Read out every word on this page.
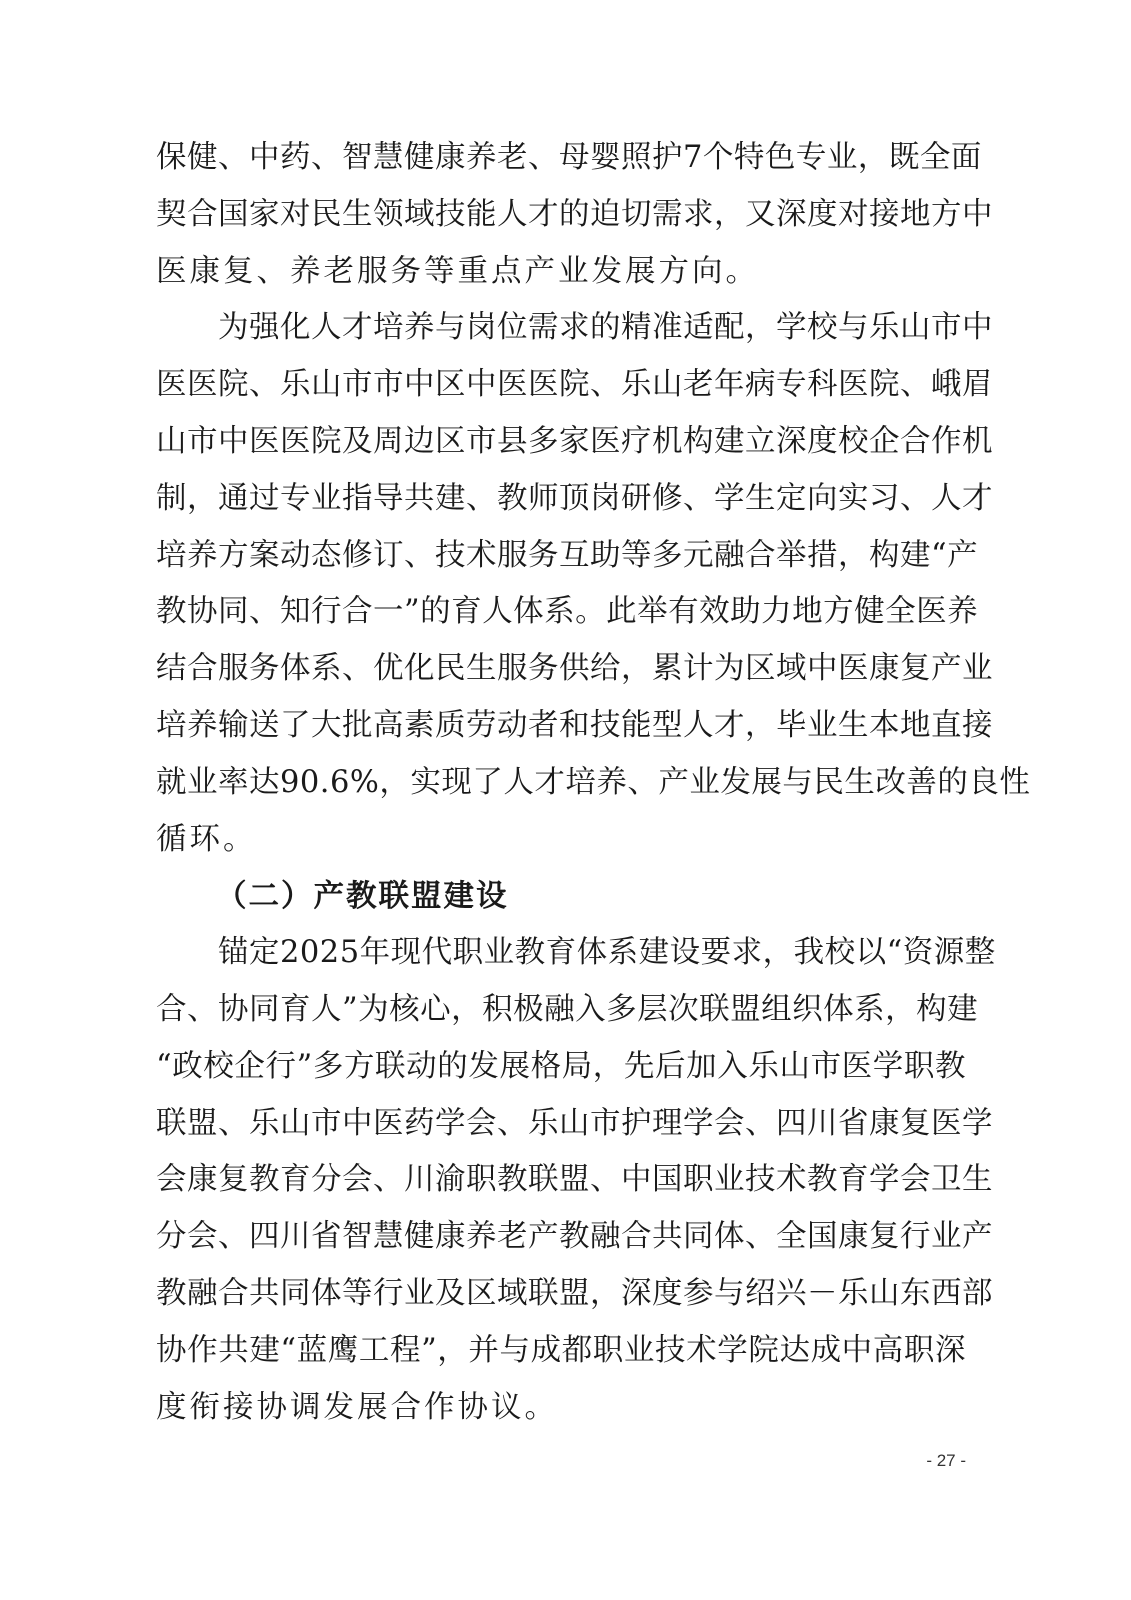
保健、中药、智慧健康养老、母婴照护7个特色专业，既全面
契合国家对民生领域技能人才的迫切需求，又深度对接地方中
医康复、养老服务等重点产业发展方向。
为强化人才培养与岗位需求的精准适配，学校与乐山市中
医医院、乐山市市中区中医医院、乐山老年病专科医院、峨眉
山市中医医院及周边区市县多家医疗机构建立深度校企合作机
制，通过专业指导共建、教师顶岗研修、学生定向实习、人才
培养方案动态修订、技术服务互助等多元融合举措，构建“产
教协同、知行合一”的育人体系。此举有效助力地方健全医养
结合服务体系、优化民生服务供给，累计为区域中医康复产业
培养输送了大批高素质劳动者和技能型人才，毕业生本地直接
就业率达90.6%，实现了人才培养、产业发展与民生改善的良性
循环。
（二）产教联盟建设
锚定2025年现代职业教育体系建设要求，我校以“资源整
合、协同育人”为核心，积极融入多层次联盟组织体系，构建
“政校企行”多方联动的发展格局，先后加入乐山市医学职教
联盟、乐山市中医药学会、乐山市护理学会、四川省康复医学
会康复教育分会、川渝职教联盟、中国职业技术教育学会卫生
分会、四川省智慧健康养老产教融合共同体、全国康复行业产
教融合共同体等行业及区域联盟，深度参与绍兴－乐山东西部
协作共建“蓝鹰工程”，并与成都职业技术学院达成中高职深
度衔接协调发展合作协议。
- 27 -
